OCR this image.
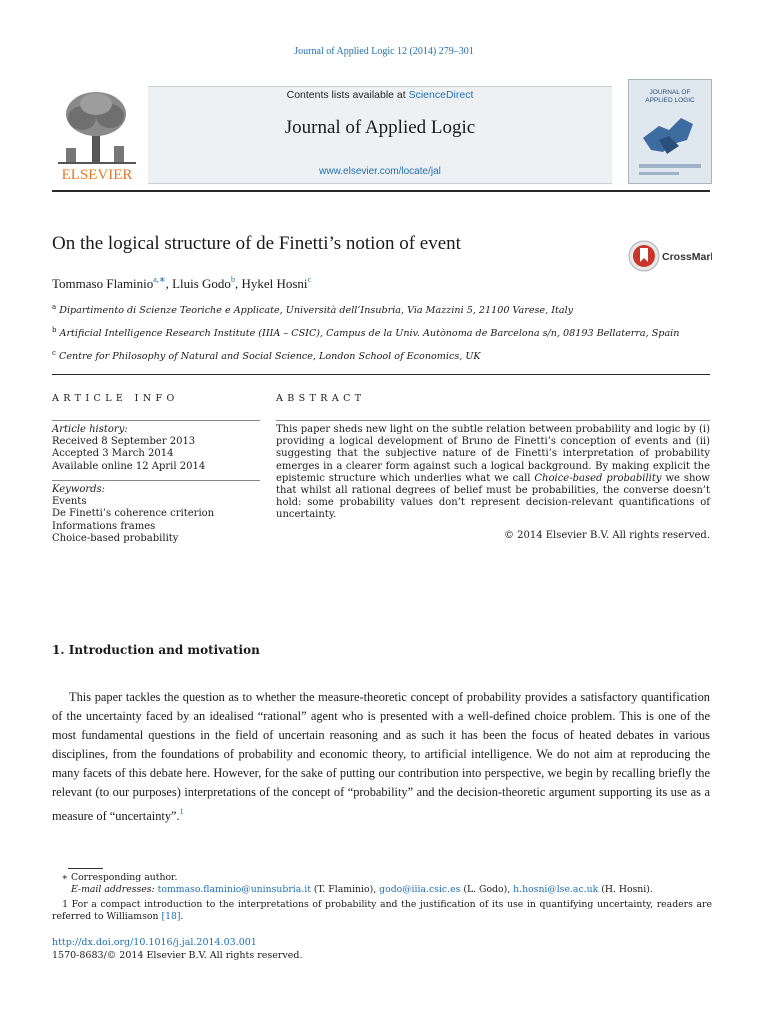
Journal of Applied Logic 12 (2014) 279–301
ELSEVIER
Contents lists available at ScienceDirect
Journal of Applied Logic
www.elsevier.com/locate/jal
JOURNAL OF
APPLIED LOGIC
On the logical structure of de Finetti’s notion of event
CrossMark
Tommaso Flaminio$^{a,∗}$, Lluis Godo$^b$, Hykel Hosni$^c$
$^a$ Dipartimento di Scienze Teoriche e Applicate, Università dell’Insubria, Via Mazzini 5, 21100 Varese, Italy
$^b$ Artificial Intelligence Research Institute (IIIA – CSIC), Campus de la Univ. Autònoma de Barcelona s/n, 08193 Bellaterra, Spain
$^c$ Centre for Philosophy of Natural and Social Science, London School of Economics, UK
ARTICLE INFO	ABSTRACT
Article history:
Received 8 September 2013
Accepted 3 March 2014
Available online 12 April 2014
Keywords:
Events
De Finetti’s coherence criterion
Informations frames
Choice-based probability
This paper sheds new light on the subtle relation between probability and logic by (i) providing a logical development of Bruno de Finetti’s conception of events and (ii) suggesting that the subjective nature of de Finetti’s interpretation of probability emerges in a clearer form against such a logical background. By making explicit the epistemic structure which underlies what we call Choice-based probability we show that whilst all rational degrees of belief must be probabilities, the converse doesn’t hold: some probability values don’t represent decision-relevant quantifications of uncertainty.
© 2014 Elsevier B.V. All rights reserved.
1. Introduction and motivation
This paper tackles the question as to whether the measure-theoretic concept of probability provides a satisfactory quantification of the uncertainty faced by an idealised “rational” agent who is presented with a well-defined choice problem. This is one of the most fundamental questions in the field of uncertain reasoning and as such it has been the focus of heated debates in various disciplines, from the foundations of probability and economic theory, to artificial intelligence. We do not aim at reproducing the many facets of this debate here. However, for the sake of putting our contribution into perspective, we begin by recalling briefly the relevant (to our purposes) interpretations of the concept of “probability” and the decision-theoretic argument supporting its use as a measure of “uncertainty”.$^1$
∗ Corresponding author.
E-mail addresses: tommaso.flaminio@uninsubria.it (T. Flaminio), godo@iiia.csic.es (L. Godo), h.hosni@lse.ac.uk (H. Hosni).
1 For a compact introduction to the interpretations of probability and the justification of its use in quantifying uncertainty, readers are referred to Williamson [18].
http://dx.doi.org/10.1016/j.jal.2014.03.001
1570-8683/© 2014 Elsevier B.V. All rights reserved.
